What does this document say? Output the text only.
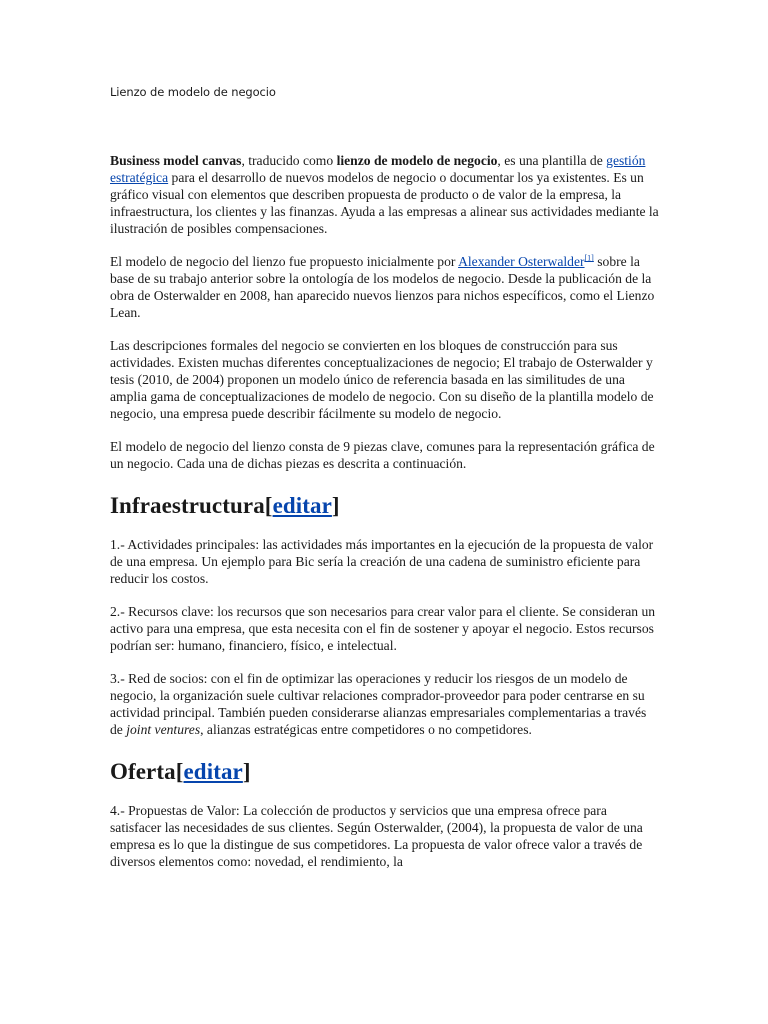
Lienzo de modelo de negocio

Business model canvas, traducido como lienzo de modelo de negocio, es una plantilla de gestión estratégica para el desarrollo de nuevos modelos de negocio o documentar los ya existentes. Es un gráfico visual con elementos que describen propuesta de producto o de valor de la empresa, la infraestructura, los clientes y las finanzas. Ayuda a las empresas a alinear sus actividades mediante la ilustración de posibles compensaciones.

El modelo de negocio del lienzo fue propuesto inicialmente por Alexander Osterwalder[1] sobre la base de su trabajo anterior sobre la ontología de los modelos de negocio. Desde la publicación de la obra de Osterwalder en 2008, han aparecido nuevos lienzos para nichos específicos, como el Lienzo Lean.

Las descripciones formales del negocio se convierten en los bloques de construcción para sus actividades. Existen muchas diferentes conceptualizaciones de negocio; El trabajo de Osterwalder y tesis (2010, de 2004) proponen un modelo único de referencia basada en las similitudes de una amplia gama de conceptualizaciones de modelo de negocio. Con su diseño de la plantilla modelo de negocio, una empresa puede describir fácilmente su modelo de negocio.

El modelo de negocio del lienzo consta de 9 piezas clave, comunes para la representación gráfica de un negocio. Cada una de dichas piezas es descrita a continuación.

Infraestructura[editar]

1.- Actividades principales: las actividades más importantes en la ejecución de la propuesta de valor de una empresa. Un ejemplo para Bic sería la creación de una cadena de suministro eficiente para reducir los costos.

2.- Recursos clave: los recursos que son necesarios para crear valor para el cliente. Se consideran un activo para una empresa, que esta necesita con el fin de sostener y apoyar el negocio. Estos recursos podrían ser: humano, financiero, físico, e intelectual.

3.- Red de socios: con el fin de optimizar las operaciones y reducir los riesgos de un modelo de negocio, la organización suele cultivar relaciones comprador-proveedor para poder centrarse en su actividad principal. También pueden considerarse alianzas empresariales complementarias a través de joint ventures, alianzas estratégicas entre competidores o no competidores.

Oferta[editar]

4.- Propuestas de Valor: La colección de productos y servicios que una empresa ofrece para satisfacer las necesidades de sus clientes. Según Osterwalder, (2004), la propuesta de valor de una empresa es lo que la distingue de sus competidores. La propuesta de valor ofrece valor a través de diversos elementos como: novedad, el rendimiento, la
